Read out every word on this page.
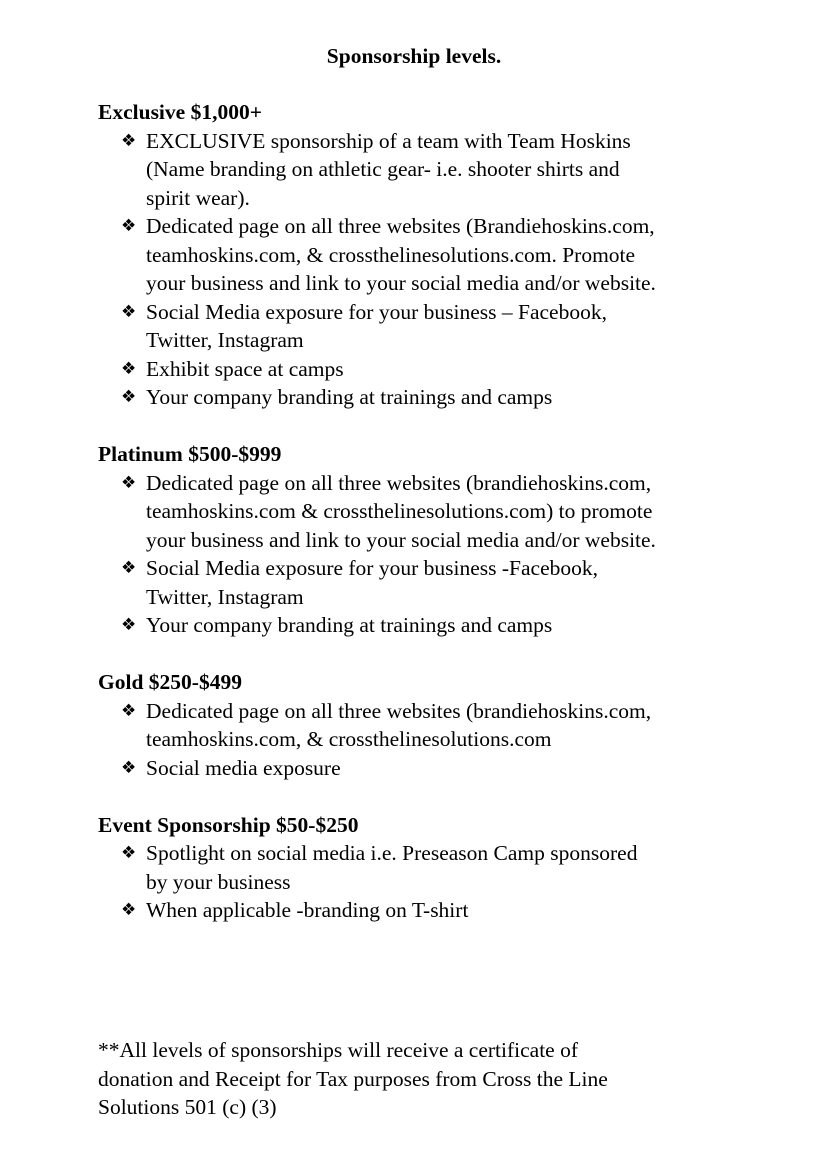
Sponsorship levels.
Exclusive $1,000+
❖ EXCLUSIVE sponsorship of a team with Team Hoskins
(Name branding on athletic gear- i.e. shooter shirts and
spirit wear).
❖ Dedicated page on all three websites (Brandiehoskins.com,
teamhoskins.com, & crossthelinesolutions.com. Promote
your business and link to your social media and/or website.
❖ Social Media exposure for your business – Facebook,
Twitter, Instagram
❖ Exhibit space at camps
❖ Your company branding at trainings and camps
Platinum $500-$999
❖ Dedicated page on all three websites (brandiehoskins.com,
teamhoskins.com & crossthelinesolutions.com) to promote
your business and link to your social media and/or website.
❖ Social Media exposure for your business -Facebook,
Twitter, Instagram
❖ Your company branding at trainings and camps
Gold $250-$499
❖ Dedicated page on all three websites (brandiehoskins.com,
teamhoskins.com, & crossthelinesolutions.com
❖ Social media exposure
Event Sponsorship $50-$250
❖ Spotlight on social media i.e. Preseason Camp sponsored
by your business
❖ When applicable -branding on T-shirt
**All levels of sponsorships will receive a certificate of
donation and Receipt for Tax purposes from Cross the Line
Solutions 501 (c) (3)
